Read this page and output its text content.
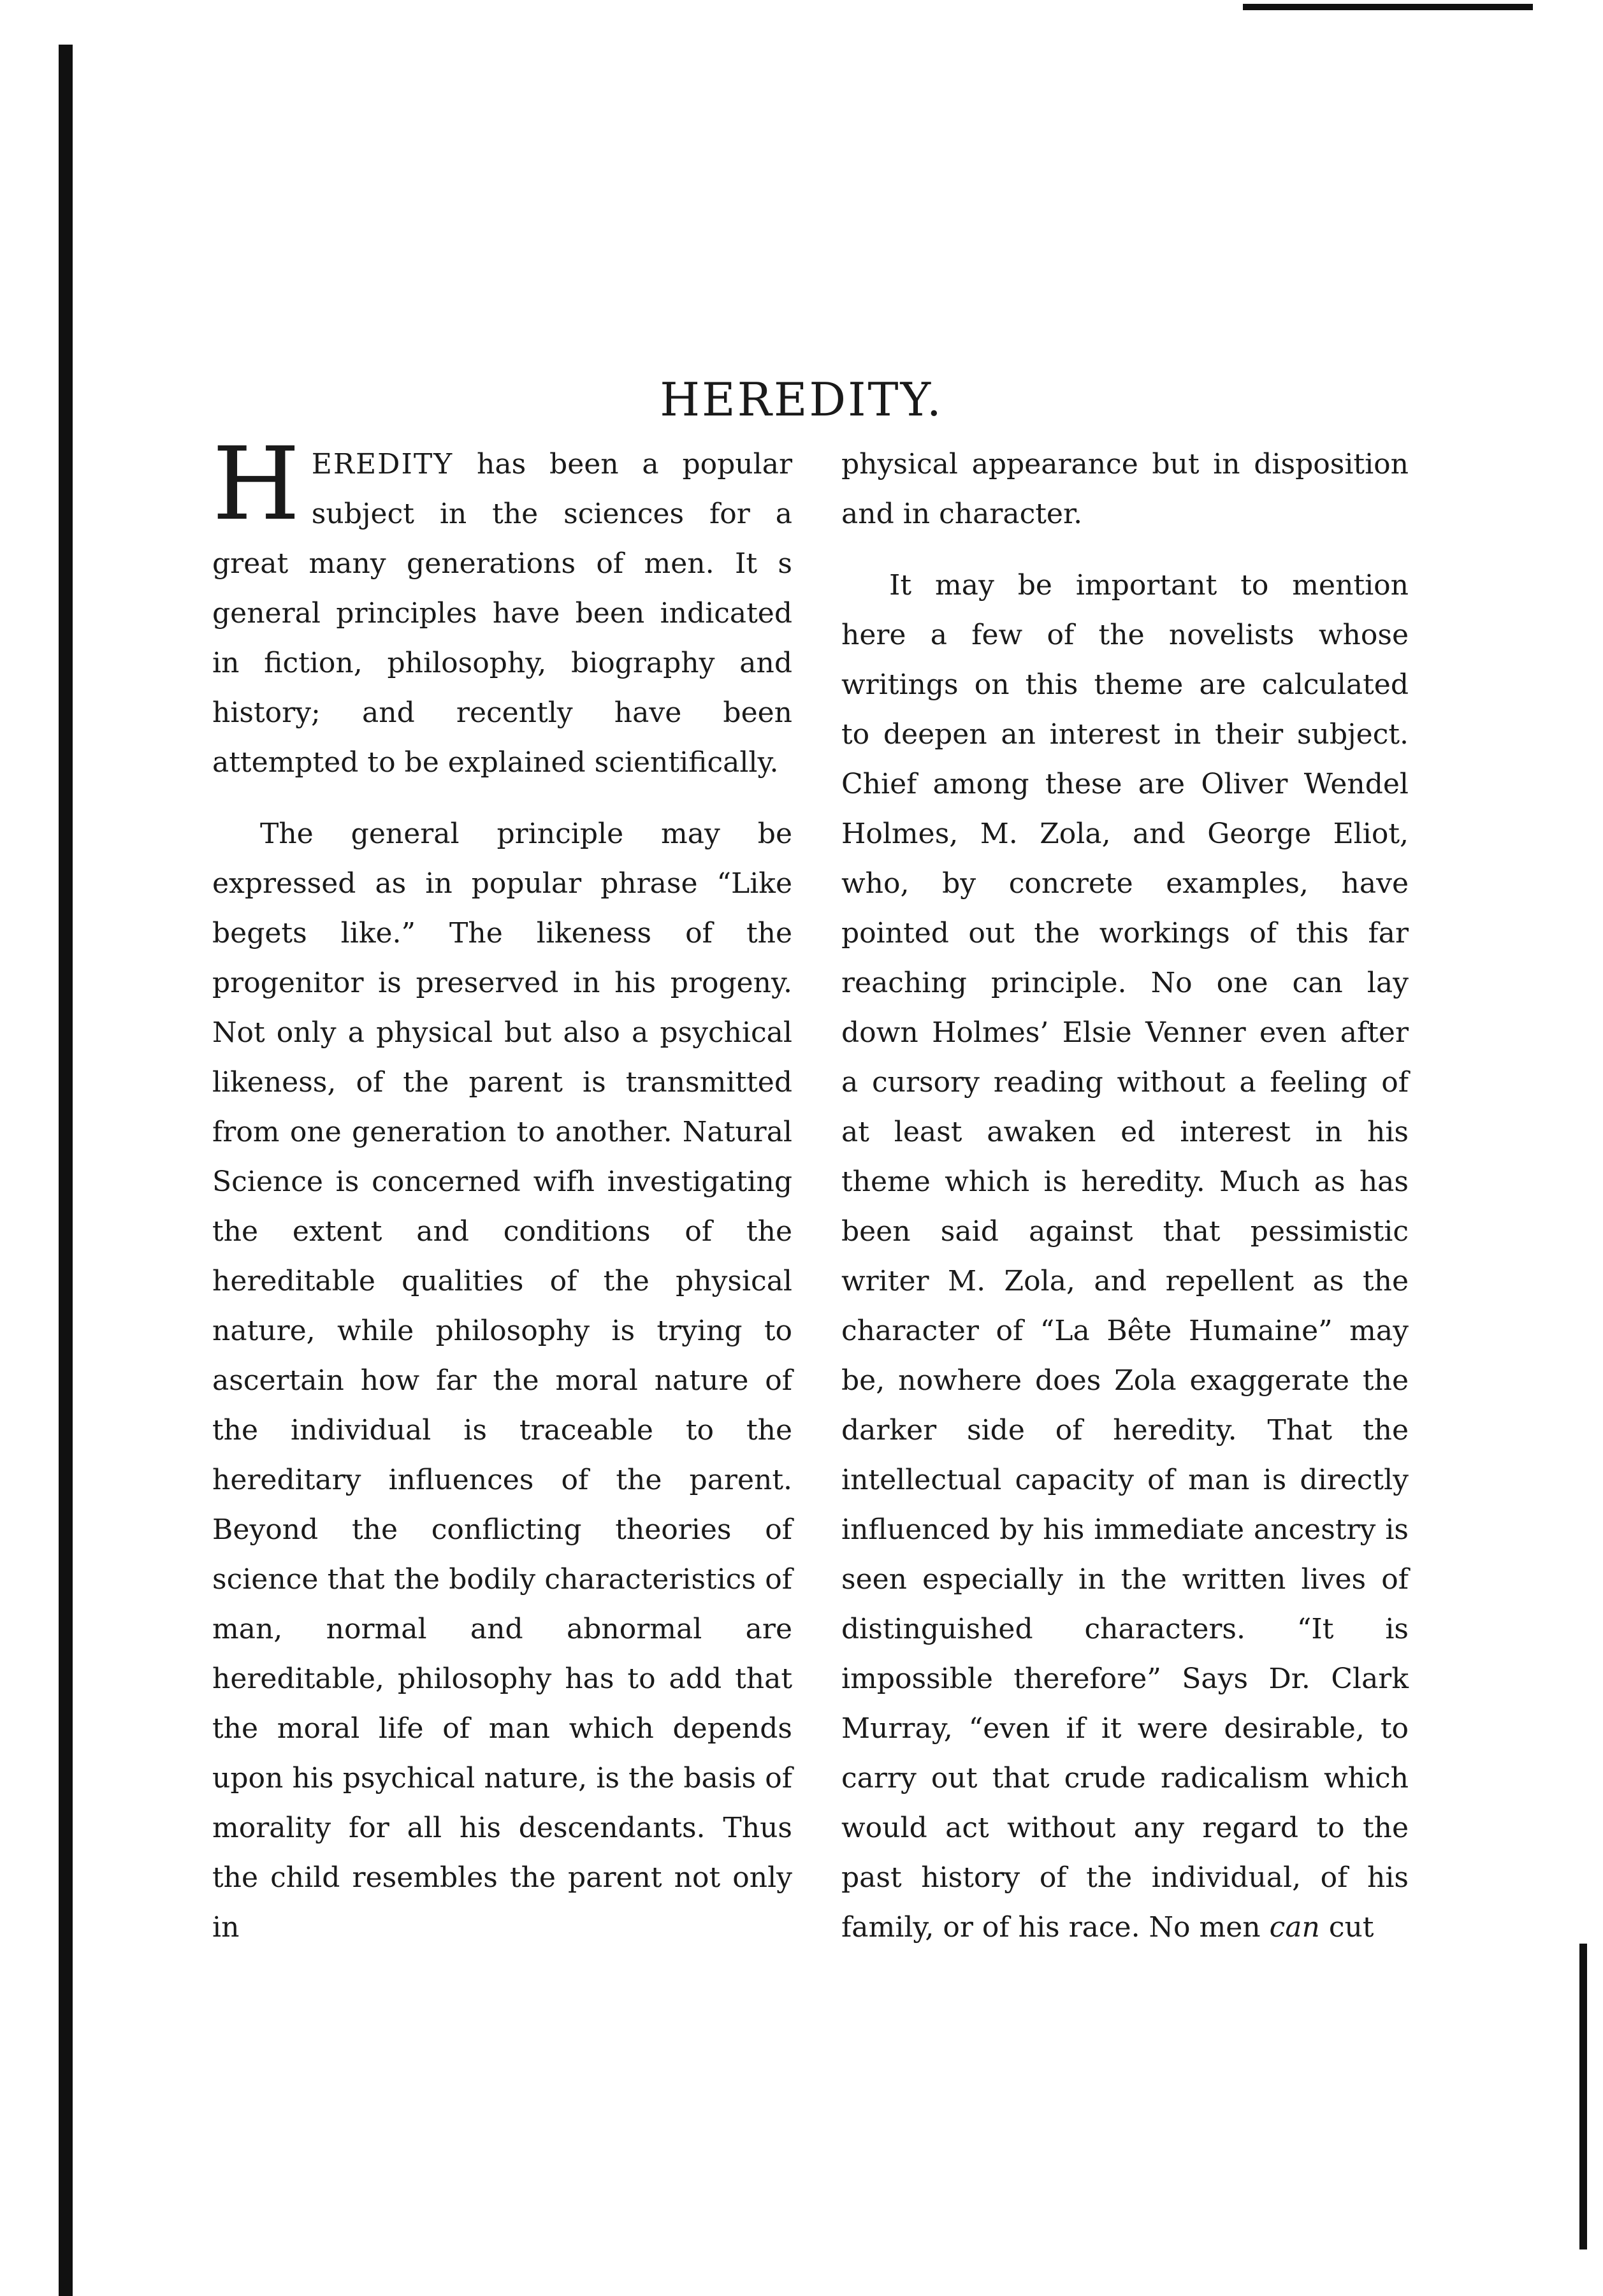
HEREDITY.

HEREDITY has been a popular subject in the sciences for a great many generations of men. It s general principles have been indicated in fiction, philosophy, biography and history; and recently have been attempted to be explained scientifically.

The general principle may be expressed as in popular phrase “Like begets like.” The likeness of the progenitor is preserved in his progeny. Not only a physical but also a psychical likeness, of the parent is transmitted from one generation to another. Natural Science is concerned wifh investigating the extent and conditions of the hereditable qualities of the physical nature, while philosophy is trying to ascertain how far the moral nature of the individual is traceable to the hereditary influences of the parent. Beyond the conflicting theories of science that the bodily characteristics of man, normal and abnormal are hereditable, philosophy has to add that the moral life of man which depends upon his psychical nature, is the basis of morality for all his descendants. Thus the child resembles the parent not only in

physical appearance but in disposition and in character.

It may be important to mention here a few of the novelists whose writings on this theme are calculated to deepen an interest in their subject. Chief among these are Oliver Wendel Holmes, M. Zola, and George Eliot, who, by concrete examples, have pointed out the workings of this far reaching principle. No one can lay down Holmes’ Elsie Venner even after a cursory reading without a feeling of at least awaken ed interest in his theme which is heredity. Much as has been said against that pessimistic writer M. Zola, and repellent as the character of “La Bête Humaine” may be, nowhere does Zola exaggerate the darker side of heredity. That the intellectual capacity of man is directly influenced by his immediate ancestry is seen especially in the written lives of distinguished characters. “It is impossible therefore” Says Dr. Clark Murray, “even if it were desirable, to carry out that crude radicalism which would act without any regard to the past history of the individual, of his family, or of his race. No men can cut
